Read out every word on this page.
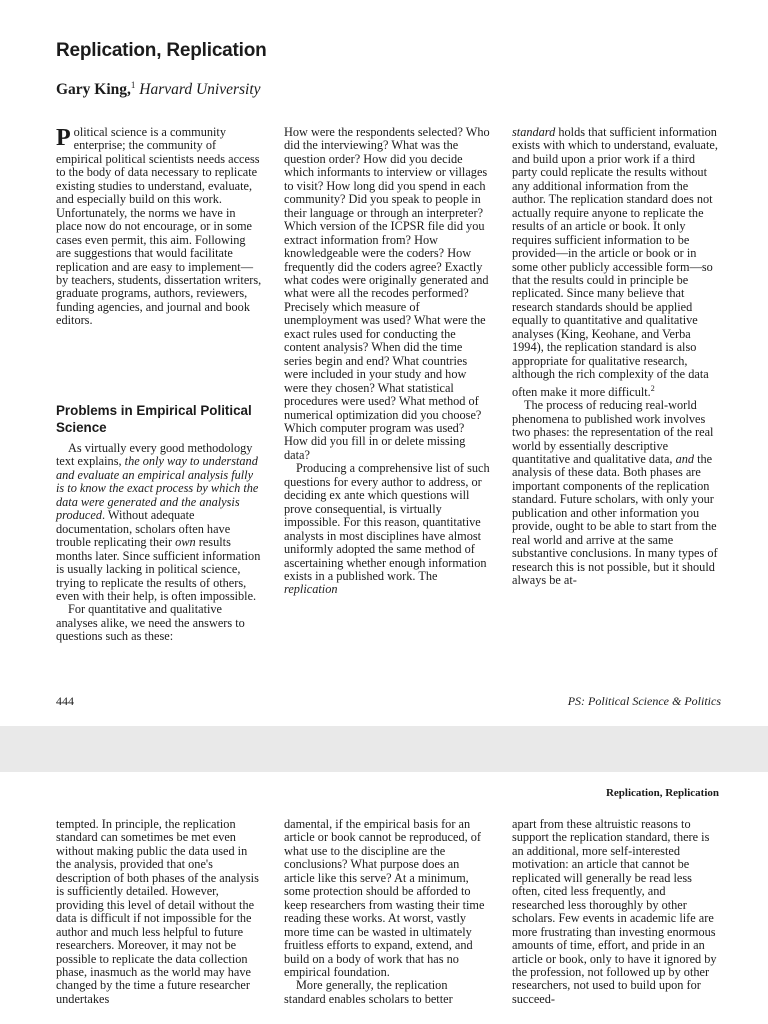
Replication, Replication
Gary King,$^1$ Harvard University

Political science is a community enterprise; the community of empirical political scientists needs access to the body of data necessary to replicate existing studies to understand, evaluate, and especially build on this work. Unfortunately, the norms we have in place now do not encourage, or in some cases even permit, this aim. Following are suggestions that would facilitate replication and are easy to implement—by teachers, students, dissertation writers, graduate programs, authors, reviewers, funding agencies, and journal and book editors.

Problems in Empirical Political Science

As virtually every good methodology text explains, the only way to understand and evaluate an empirical analysis fully is to know the exact process by which the data were generated and the analysis produced. Without adequate documentation, scholars often have trouble replicating their own results months later. Since sufficient information is usually lacking in political science, trying to replicate the results of others, even with their help, is often impossible.

For quantitative and qualitative analyses alike, we need the answers to questions such as these:

How were the respondents selected? Who did the interviewing? What was the question order? How did you decide which informants to interview or villages to visit? How long did you spend in each community? Did you speak to people in their language or through an interpreter? Which version of the ICPSR file did you extract information from? How knowledgeable were the coders? How frequently did the coders agree? Exactly what codes were originally generated and what were all the recodes performed? Precisely which measure of unemployment was used? What were the exact rules used for conducting the content analysis? When did the time series begin and end? What countries were included in your study and how were they chosen? What statistical procedures were used? What method of numerical optimization did you choose? Which computer program was used? How did you fill in or delete missing data?

Producing a comprehensive list of such questions for every author to address, or deciding ex ante which questions will prove consequential, is virtually impossible. For this reason, quantitative analysts in most disciplines have almost uniformly adopted the same method of ascertaining whether enough information exists in a published work. The replication

standard holds that sufficient information exists with which to understand, evaluate, and build upon a prior work if a third party could replicate the results without any additional information from the author. The replication standard does not actually require anyone to replicate the results of an article or book. It only requires sufficient information to be provided—in the article or book or in some other publicly accessible form—so that the results could in principle be replicated. Since many believe that research standards should be applied equally to quantitative and qualitative analyses (King, Keohane, and Verba 1994), the replication standard is also appropriate for qualitative research, although the rich complexity of the data often make it more difficult.$^2$

The process of reducing real-world phenomena to published work involves two phases: the representation of the real world by essentially descriptive quantitative and qualitative data, and the analysis of these data. Both phases are important components of the replication standard. Future scholars, with only your publication and other information you provide, ought to be able to start from the real world and arrive at the same substantive conclusions. In many types of research this is not possible, but it should always be at-

444	PS: Political Science & Politics
Replication, Replication

tempted. In principle, the replication standard can sometimes be met even without making public the data used in the analysis, provided that one's description of both phases of the analysis is sufficiently detailed. However, providing this level of detail without the data is difficult if not impossible for the author and much less helpful to future researchers. Moreover, it may not be possible to replicate the data collection phase, inasmuch as the world may have changed by the time a future researcher undertakes

damental, if the empirical basis for an article or book cannot be reproduced, of what use to the discipline are the conclusions? What purpose does an article like this serve? At a minimum, some protection should be afforded to keep researchers from wasting their time reading these works. At worst, vastly more time can be wasted in ultimately fruitless efforts to expand, extend, and build on a body of work that has no empirical foundation.

More generally, the replication standard enables scholars to better

apart from these altruistic reasons to support the replication standard, there is an additional, more self-interested motivation: an article that cannot be replicated will generally be read less often, cited less frequently, and researched less thoroughly by other scholars. Few events in academic life are more frustrating than investing enormous amounts of time, effort, and pride in an article or book, only to have it ignored by the profession, not followed up by other researchers, not used to build upon for succeed-
